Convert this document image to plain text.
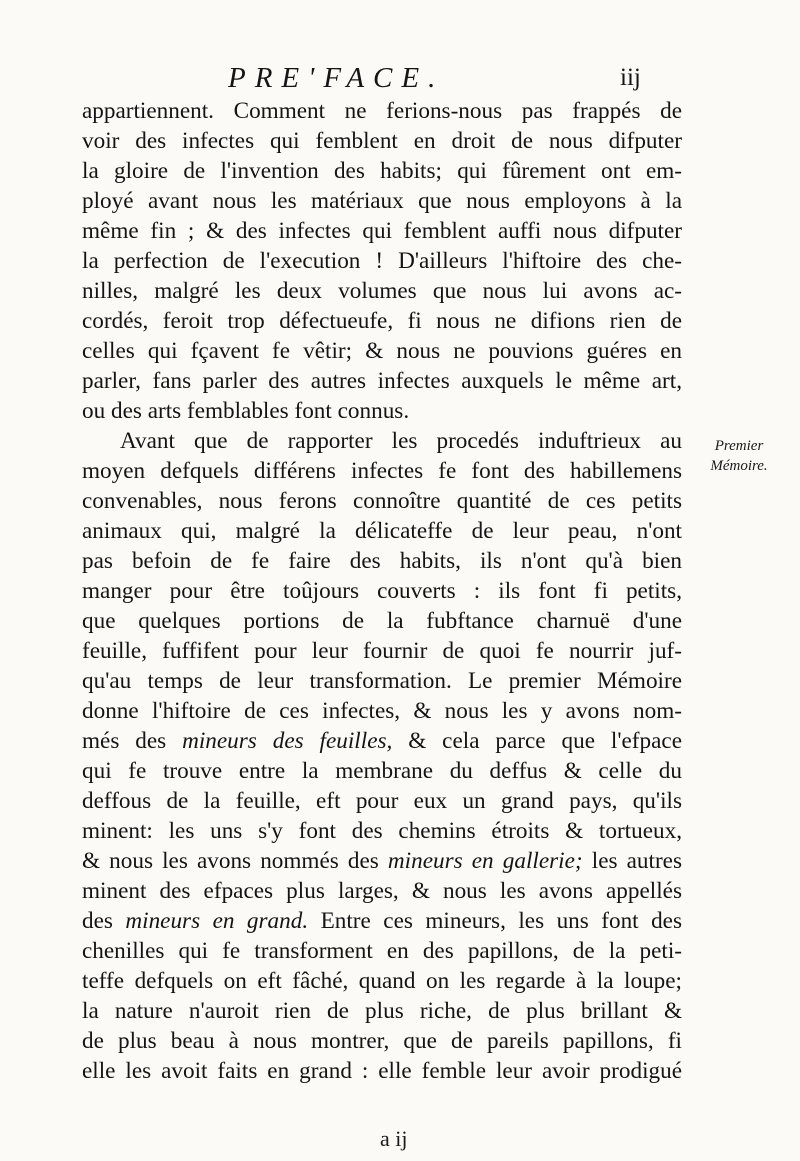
PRE'FACE.	iij
appartiennent. Comment ne ferions-nous pas frappés de
voir des infectes qui femblent en droit de nous difputer
la gloire de l'invention des habits; qui fûrement ont em-
ployé avant nous les matériaux que nous employons à la
même fin ; & des infectes qui femblent auffi nous difputer
la perfection de l'execution ! D'ailleurs l'hiftoire des che-
nilles, malgré les deux volumes que nous lui avons ac-
cordés, feroit trop défectueufe, fi nous ne difions rien de
celles qui fçavent fe vêtir; & nous ne pouvions guéres en
parler, fans parler des autres infectes auxquels le même art,
ou des arts femblables font connus.
Avant que de rapporter les procedés induftrieux au
moyen defquels différens infectes fe font des habillemens
convenables, nous ferons connoître quantité de ces petits
animaux qui, malgré la délicateffe de leur peau, n'ont
pas befoin de fe faire des habits, ils n'ont qu'à bien
manger pour être toûjours couverts : ils font fi petits,
que quelques portions de la fubftance charnuë d'une
feuille, fuffifent pour leur fournir de quoi fe nourrir juf-
qu'au temps de leur transformation. Le premier Mémoire
donne l'hiftoire de ces infectes, & nous les y avons nom-
més des mineurs des feuilles, & cela parce que l'efpace
qui fe trouve entre la membrane du deffus & celle du
deffous de la feuille, eft pour eux un grand pays, qu'ils
minent: les uns s'y font des chemins étroits & tortueux,
& nous les avons nommés des mineurs en gallerie; les autres
minent des efpaces plus larges, & nous les avons appellés
des mineurs en grand. Entre ces mineurs, les uns font des
chenilles qui fe transforment en des papillons, de la peti-
teffe defquels on eft fâché, quand on les regarde à la loupe;
la nature n'auroit rien de plus riche, de plus brillant &
de plus beau à nous montrer, que de pareils papillons, fi
elle les avoit faits en grand : elle femble leur avoir prodigué
Premier
Mémoire.
a ij
